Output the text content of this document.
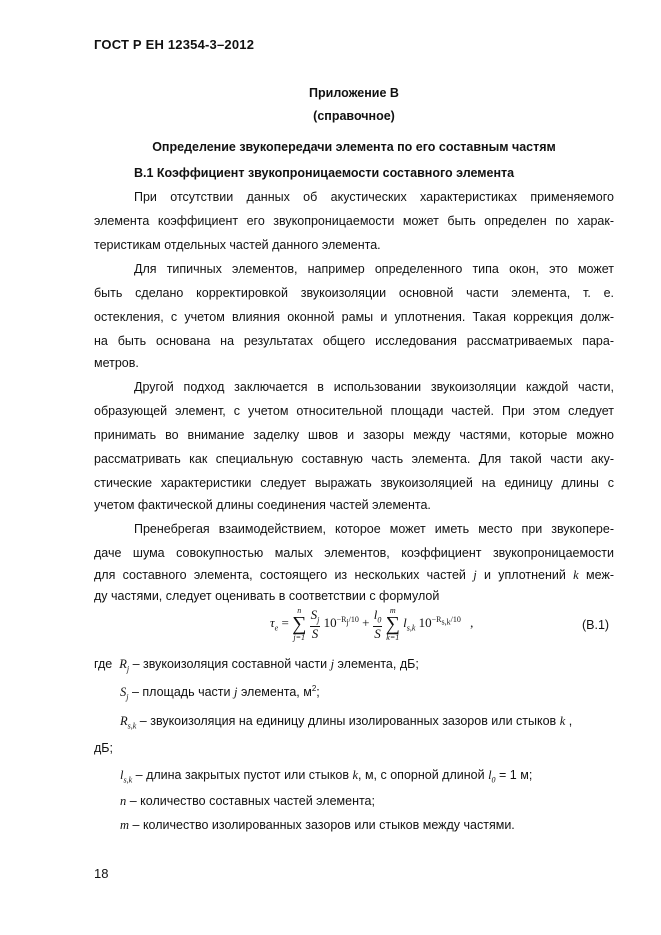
ГОСТ Р ЕН 12354-3–2012
Приложение В
(справочное)
Определение звукопередачи элемента по его составным частям
В.1 Коэффициент звукопроницаемости составного элемента
При отсутствии данных об акустических характеристиках применяемого
элемента коэффициент его звукопроницаемости может быть определен по харак-
теристикам отдельных частей данного элемента.
Для типичных элементов, например определенного типа окон, это может
быть сделано корректировкой звукоизоляции основной части элемента, т. е.
остекления, с учетом влияния оконной рамы и уплотнения. Такая коррекция долж-
на быть основана на результатах общего исследования рассматриваемых пара-
метров.
Другой подход заключается в использовании звукоизоляции каждой части,
образующей элемент, с учетом относительной площади частей. При этом следует
принимать во внимание заделку швов и зазоры между частями, которые можно
рассматривать как специальную составную часть элемента. Для такой части аку-
стические характеристики следует выражать звукоизоляцией на единицу длины с
учетом фактической длины соединения частей элемента.
Пренебрегая взаимодействием, которое может иметь место при звукопере-
даче шума совокупностью малых элементов, коэффициент звукопроницаемости
для составного элемента, состоящего из нескольких частей j и уплотнений k меж-
ду частями, следует оценивать в соответствии с формулой
$\tau_e = n$
∑
$j=1 \frac{S_j}{S} 10^{-R_j/10} + \frac{l_0}{S}$ m
∑
k=1 $l_{s,k}$ $10^{-R_{s,k}/10}$ ,	(В.1)
где $R_j$ – звукоизоляция составной части j элемента, дБ;
$S_j$ – площадь части j элемента, $м^2$;
$R_{s,k}$ – звукоизоляция на единицу длины изолированных зазоров или стыков k ,
дБ;
$l_{s,k}$ – длина закрытых пустот или стыков k, м, с опорной длиной $l_0 = 1$ м;
n – количество составных частей элемента;
m – количество изолированных зазоров или стыков между частями.
18
